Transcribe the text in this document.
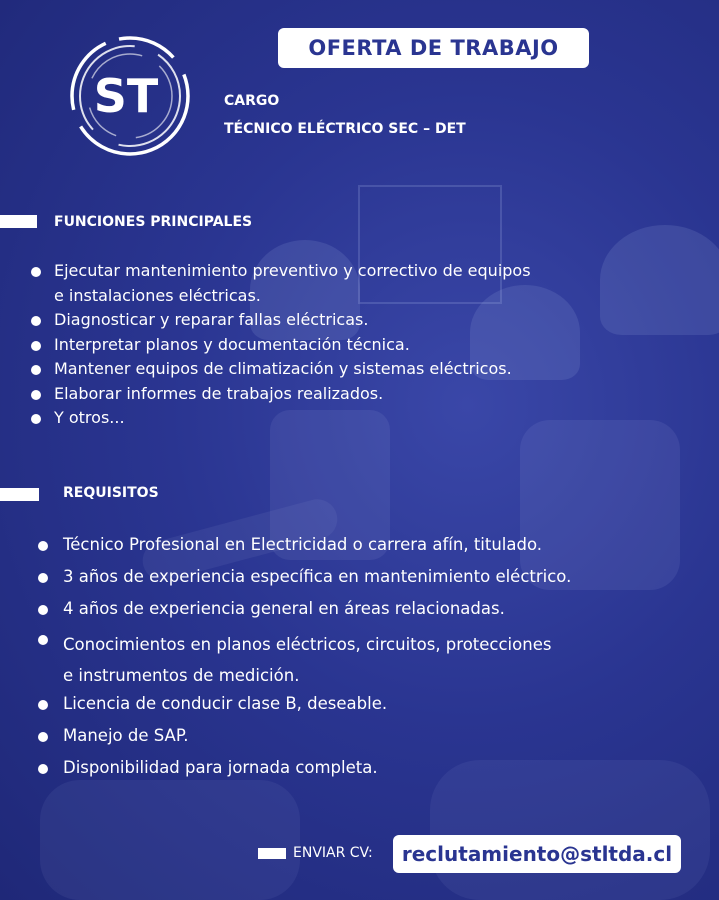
ST
OFERTA DE TRABAJO
CARGO
TÉCNICO ELÉCTRICO SEC – DET
FUNCIONES PRINCIPALES
Ejecutar mantenimiento preventivo y correctivo de equipos
e instalaciones eléctricas.
Diagnosticar y reparar fallas eléctricas.
Interpretar planos y documentación técnica.
Mantener equipos de climatización y sistemas eléctricos.
Elaborar informes de trabajos realizados.
Y otros...
REQUISITOS
Técnico Profesional en Electricidad o carrera afín, titulado.
3 años de experiencia específica en mantenimiento eléctrico.
4 años de experiencia general en áreas relacionadas.
Conocimientos en planos eléctricos, circuitos, protecciones
e instrumentos de medición.
Licencia de conducir clase B, deseable.
Manejo de SAP.
Disponibilidad para jornada completa.
ENVIAR CV:	reclutamiento@stltda.cl
